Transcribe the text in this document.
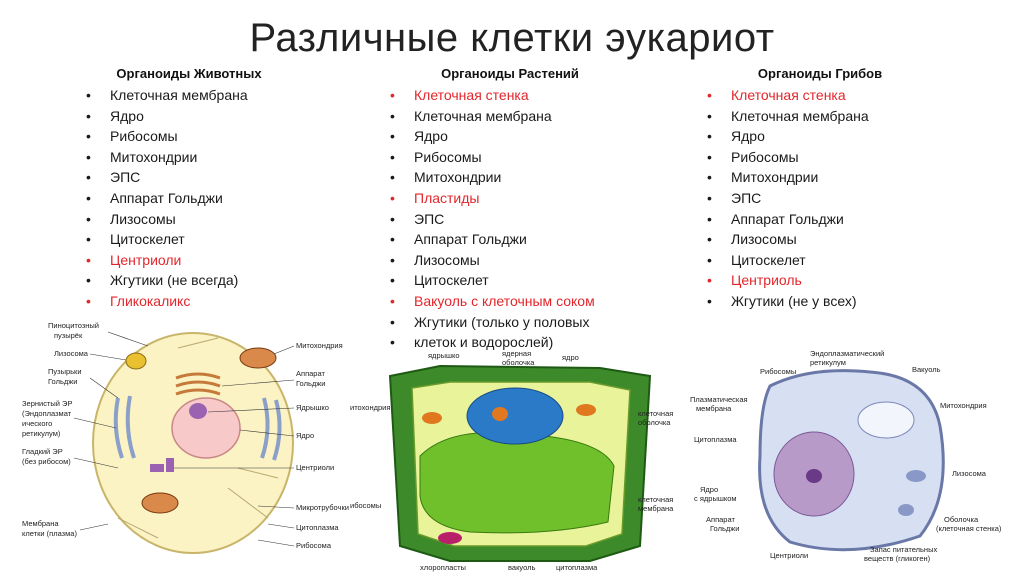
Различные клетки эукариот
Органоиды Животных
• Клеточная мембрана
• Ядро
• Рибосомы
• Митохондрии
• ЭПС
• Аппарат Гольджи
• Лизосомы
• Цитоскелет
• Центриоли
• Жгутики (не всегда)
• Гликокаликс
Органоиды Растений
• Клеточная стенка
• Клеточная мембрана
• Ядро
• Рибосомы
• Митохондрии
• Пластиды
• ЭПС
• Аппарат Гольджи
• Лизосомы
• Цитоскелет
• Вакуоль с клеточным соком
• Жгутики (только у половых
• клеток и водорослей)
Органоиды Грибов
• Клеточная стенка
• Клеточная мембрана
• Ядро
• Рибосомы
• Митохондрии
• ЭПС
• Аппарат Гольджи
• Лизосомы
• Цитоскелет
• Центриоль
• Жгутики (не у всех)
Пиноцитозный
пузырёк
Лизосома
Пузырьки
Гольджи
Зернистый ЭР
(Эндоплазмат
ического
ретикулум)
Гладкий ЭР
(без рибосом)
Мембрана
клетки (плазма)
Митохондрия
Аппарат
Гольджи
Ядрышко
Ядро
Центриоли
Микротрубочки
Цитоплазма
Рибосома
ядрышко	ядерная
оболочка
ядро
итохондрия
клеточная
оболочка
ибосомы
клеточная
мембрана
хлоропласты	вакуоль	цитоплазма
Эндоплазматический
ретикулум
Рибосомы	Вакуоль
Плазматическая
мембрана	Митохондрия
Цитоплазма
Ядро
с ядрышком
Лизосома
Аппарат
Гольджи
Оболочка
(клеточная стенка)
Центриоли
Запас питательных
веществ (гликоген)
